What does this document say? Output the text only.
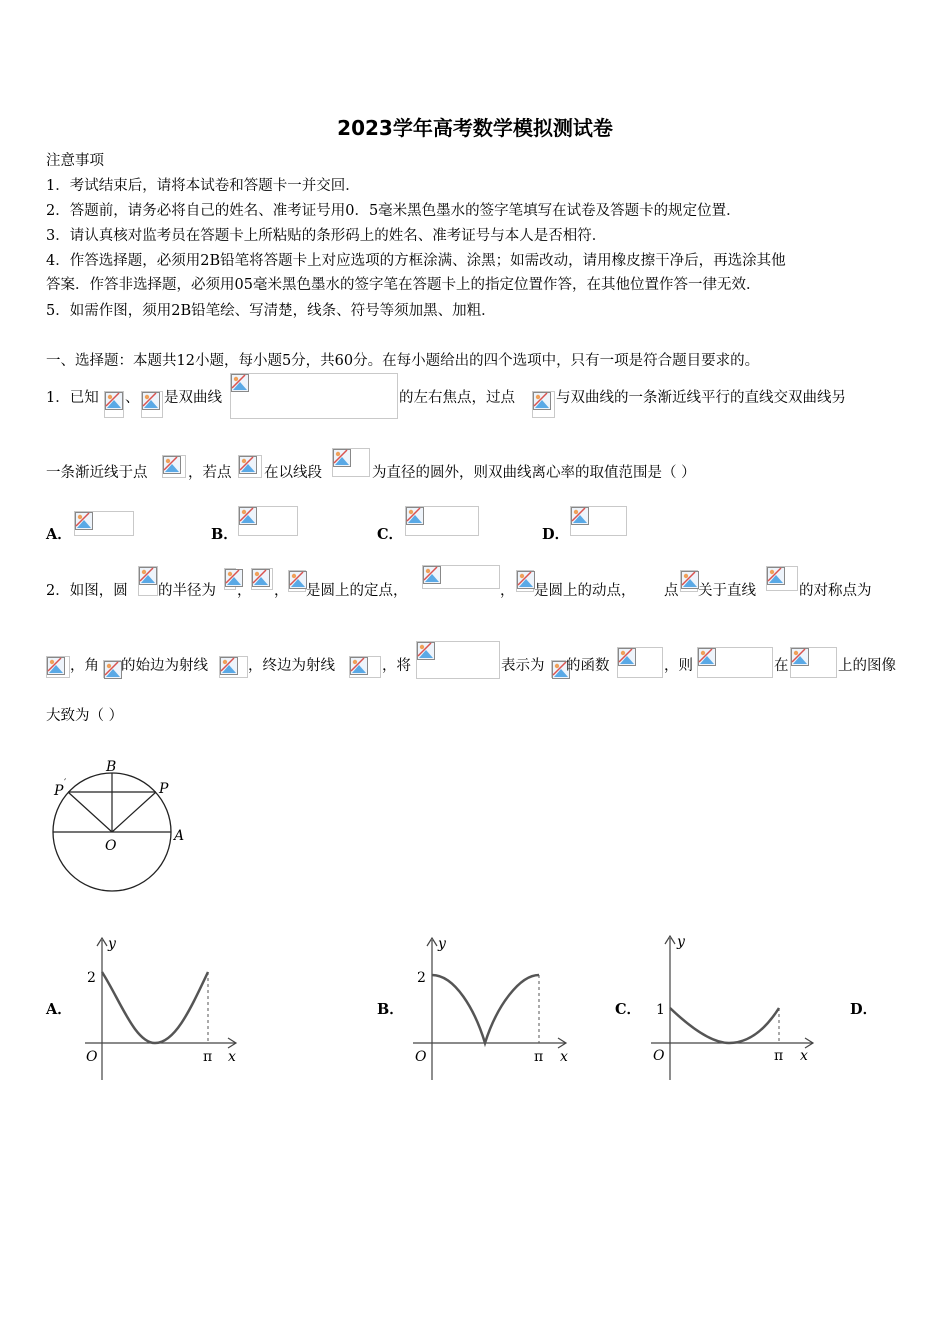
2023学年高考数学模拟测试卷
注意事项
1．考试结束后，请将本试卷和答题卡一并交回．
2．答题前，请务必将自己的姓名、准考证号用0．5毫米黑色墨水的签字笔填写在试卷及答题卡的规定位置．
3．请认真核对监考员在答题卡上所粘贴的条形码上的姓名、准考证号与本人是否相符．
4．作答选择题，必须用2B铅笔将答题卡上对应选项的方框涂满、涂黑；如需改动，请用橡皮擦干净后，再选涂其他
答案．作答非选择题，必须用05毫米黑色墨水的签字笔在答题卡上的指定位置作答，在其他位置作答一律无效．
5．如需作图，须用2B铅笔绘、写清楚，线条、符号等须加黑、加粗．
一、选择题：本题共12小题，每小题5分，共60分。在每小题给出的四个选项中，只有一项是符合题目要求的。
1．已知 、 是双曲线	的左右焦点，过点	与双曲线的一条渐近线平行的直线交双曲线另
一条渐近线于点	，若点 在以线段	为直径的圆外，则双曲线离心率的取值范围是（ ）
A．	B．	C．	D．
2．如图，圆 的半径为 ， ， 是圆上的定点，	， 是圆上的动点， 点 关于直线	的对称点为
，角 的始边为射线	，终边为射线	，将	表示为 的函数	，则	在	上的图像
大致为（ ）
B
P
P ′
O
A
A．
2
y
O	π x
B．
2
y
O	π x
C． 1
y
O	π x
D．
